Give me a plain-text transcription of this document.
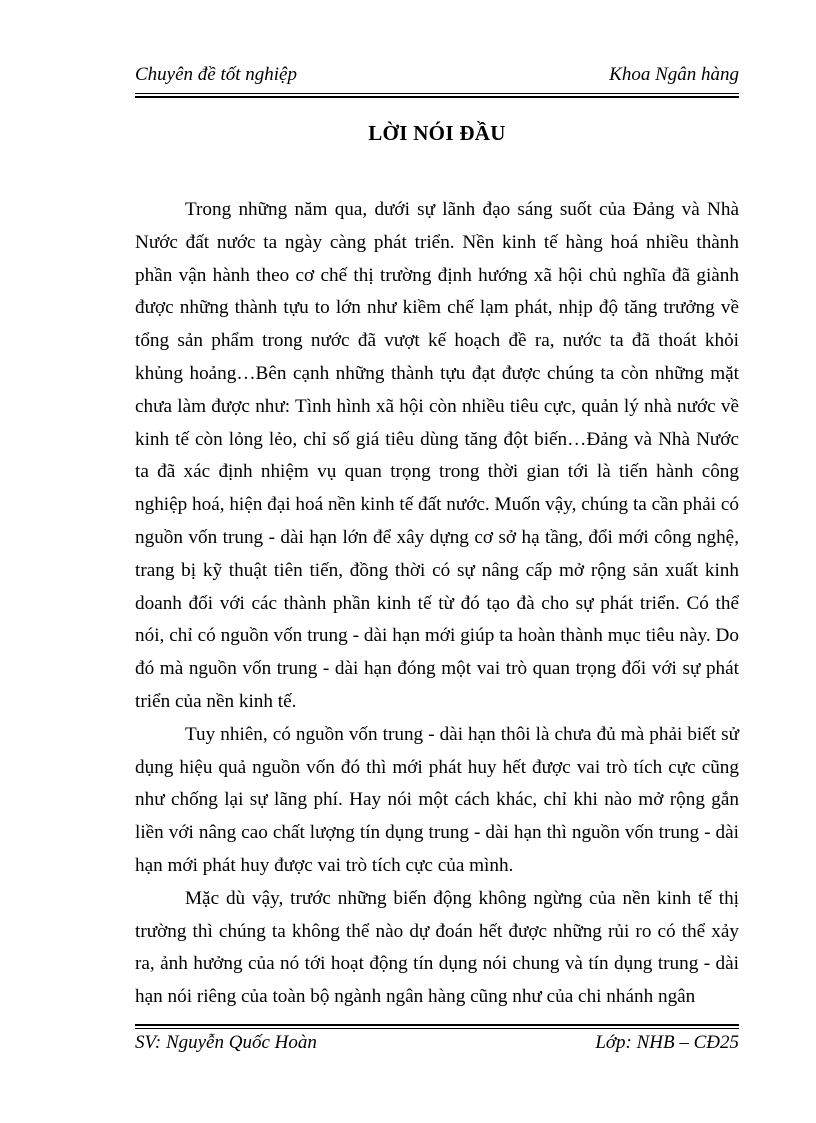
Chuyên đề tốt nghiệp	Khoa Ngân hàng
LỜI NÓI ĐẦU

Trong những năm qua, dưới sự lãnh đạo sáng suốt của Đảng và Nhà Nước đất nước ta ngày càng phát triển. Nền kinh tế hàng hoá nhiều thành phần vận hành theo cơ chế thị trường định hướng xã hội chủ nghĩa đã giành được những thành tựu to lớn như kiềm chế lạm phát, nhịp độ tăng trưởng về tổng sản phẩm trong nước đã vượt kế hoạch đề ra, nước ta đã thoát khỏi khủng hoảng…Bên cạnh những thành tựu đạt được chúng ta còn những mặt chưa làm được như: Tình hình xã hội còn nhiều tiêu cực, quản lý nhà nước về kinh tế còn lỏng lẻo, chỉ số giá tiêu dùng tăng đột biến…Đảng và Nhà Nước ta đã xác định nhiệm vụ quan trọng trong thời gian tới là tiến hành công nghiệp hoá, hiện đại hoá nền kinh tế đất nước. Muốn vậy, chúng ta cần phải có nguồn vốn trung - dài hạn lớn để xây dựng cơ sở hạ tầng, đổi mới công nghệ, trang bị kỹ thuật tiên tiến, đồng thời có sự nâng cấp mở rộng sản xuất kinh doanh đối với các thành phần kinh tế từ đó tạo đà cho sự phát triển. Có thể nói, chỉ có nguồn vốn trung - dài hạn mới giúp ta hoàn thành mục tiêu này. Do đó mà nguồn vốn trung - dài hạn đóng một vai trò quan trọng đối với sự phát triển của nền kinh tế.

Tuy nhiên, có nguồn vốn trung - dài hạn thôi là chưa đủ mà phải biết sử dụng hiệu quả nguồn vốn đó thì mới phát huy hết được vai trò tích cực cũng như chống lại sự lãng phí. Hay nói một cách khác, chỉ khi nào mở rộng gắn liền với nâng cao chất lượng tín dụng trung - dài hạn thì nguồn vốn trung - dài hạn mới phát huy được vai trò tích cực của mình.

Mặc dù vậy, trước những biến động không ngừng của nền kinh tế thị trường thì chúng ta không thể nào dự đoán hết được những rủi ro có thể xảy ra, ảnh hưởng của nó tới hoạt động tín dụng nói chung và tín dụng trung - dài hạn nói riêng của toàn bộ ngành ngân hàng cũng như của chi nhánh ngân

SV: Nguyễn Quốc Hoàn	Lớp: NHB – CĐ25
